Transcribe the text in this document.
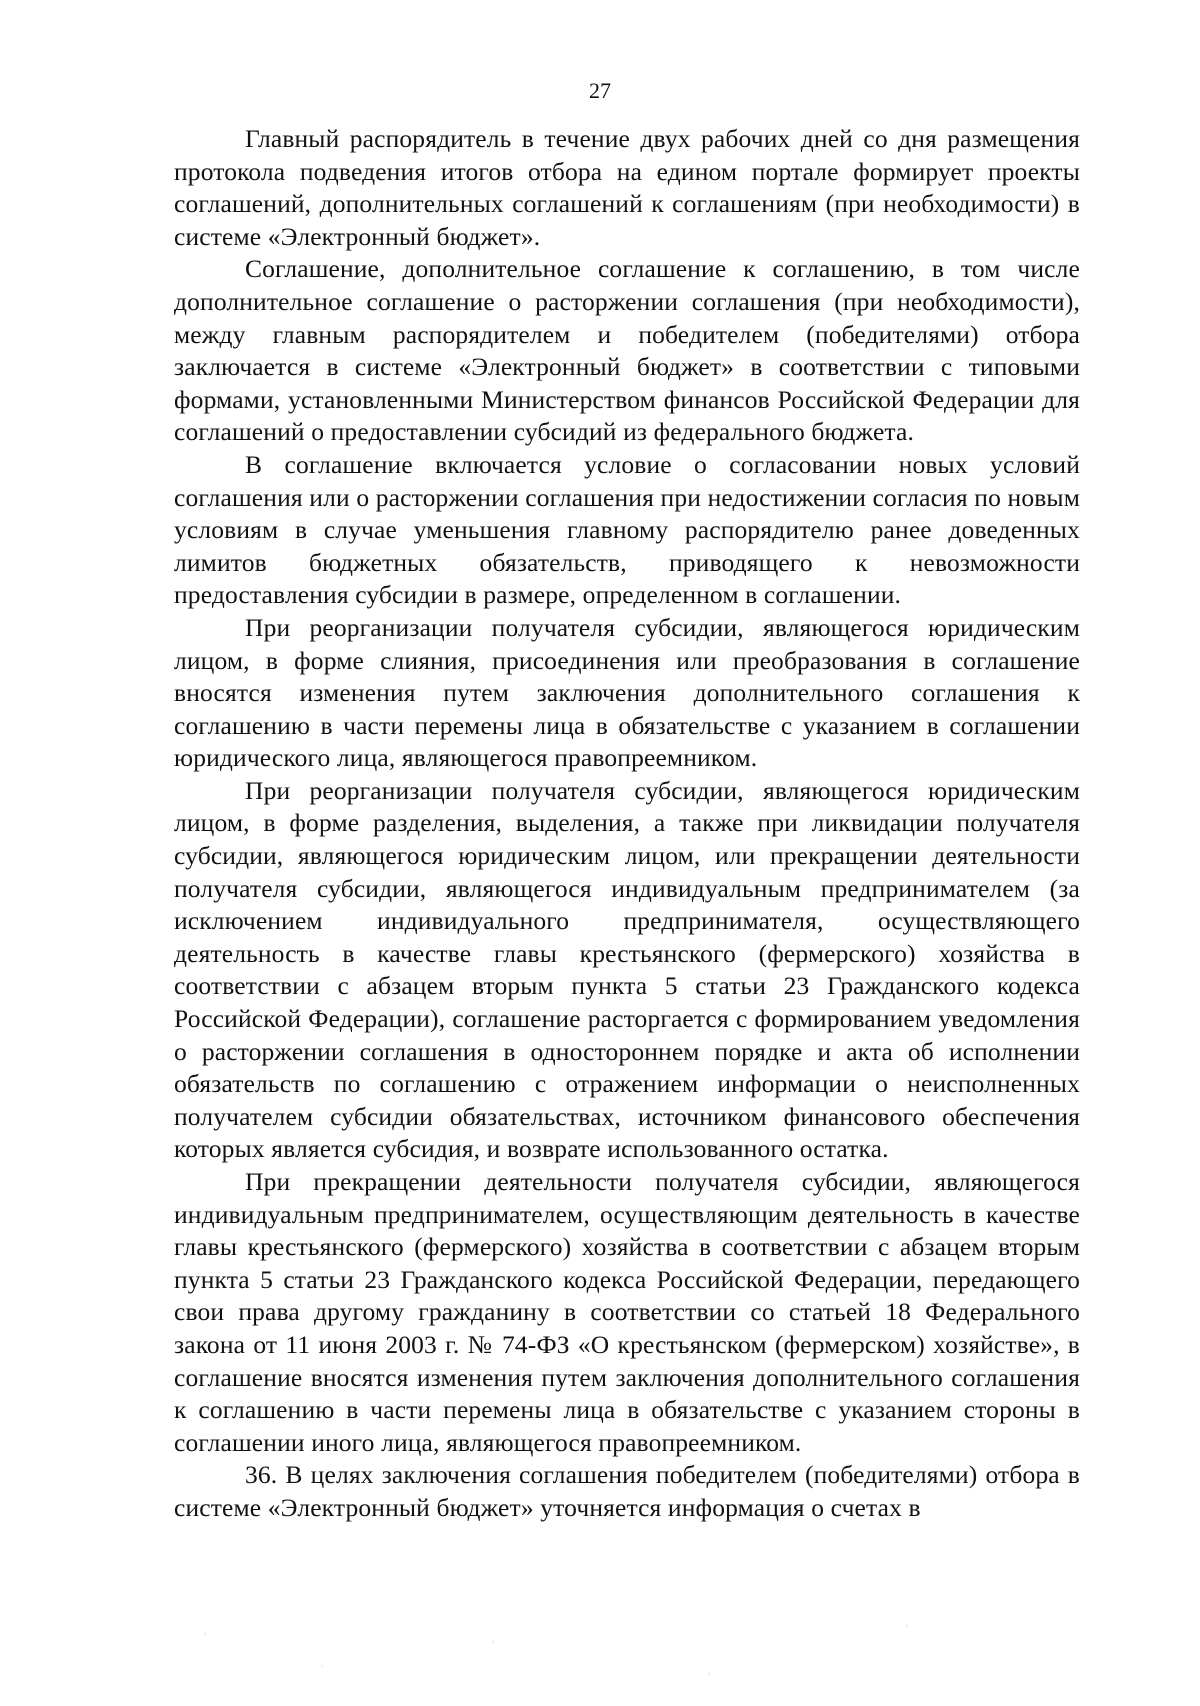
27

Главный распорядитель в течение двух рабочих дней со дня размещения протокола подведения итогов отбора на едином портале формирует проекты соглашений, дополнительных соглашений к соглашениям (при необходимости) в системе «Электронный бюджет».

Соглашение, дополнительное соглашение к соглашению, в том числе дополнительное соглашение о расторжении соглашения (при необходимости), между главным распорядителем и победителем (победителями) отбора заключается в системе «Электронный бюджет» в соответствии с типовыми формами, установленными Министерством финансов Российской Федерации для соглашений о предоставлении субсидий из федерального бюджета.

В соглашение включается условие о согласовании новых условий соглашения или о расторжении соглашения при недостижении согласия по новым условиям в случае уменьшения главному распорядителю ранее доведенных лимитов бюджетных обязательств, приводящего к невозможности предоставления субсидии в размере, определенном в соглашении.

При реорганизации получателя субсидии, являющегося юридическим лицом, в форме слияния, присоединения или преобразования в соглашение вносятся изменения путем заключения дополнительного соглашения к соглашению в части перемены лица в обязательстве с указанием в соглашении юридического лица, являющегося правопреемником.

При реорганизации получателя субсидии, являющегося юридическим лицом, в форме разделения, выделения, а также при ликвидации получателя субсидии, являющегося юридическим лицом, или прекращении деятельности получателя субсидии, являющегося индивидуальным предпринимателем (за исключением индивидуального предпринимателя, осуществляющего деятельность в качестве главы крестьянского (фермерского) хозяйства в соответствии с абзацем вторым пункта 5 статьи 23 Гражданского кодекса Российской Федерации), соглашение расторгается с формированием уведомления о расторжении соглашения в одностороннем порядке и акта об исполнении обязательств по соглашению с отражением информации о неисполненных получателем субсидии обязательствах, источником финансового обеспечения которых является субсидия, и возврате использованного остатка.

При прекращении деятельности получателя субсидии, являющегося индивидуальным предпринимателем, осуществляющим деятельность в качестве главы крестьянского (фермерского) хозяйства в соответствии с абзацем вторым пункта 5 статьи 23 Гражданского кодекса Российской Федерации, передающего свои права другому гражданину в соответствии со статьей 18 Федерального закона от 11 июня 2003 г. № 74-ФЗ «О крестьянском (фермерском) хозяйстве», в соглашение вносятся изменения путем заключения дополнительного соглашения к соглашению в части перемены лица в обязательстве с указанием стороны в соглашении иного лица, являющегося правопреемником.

36. В целях заключения соглашения победителем (победителями) отбора в системе «Электронный бюджет» уточняется информация о счетах в
